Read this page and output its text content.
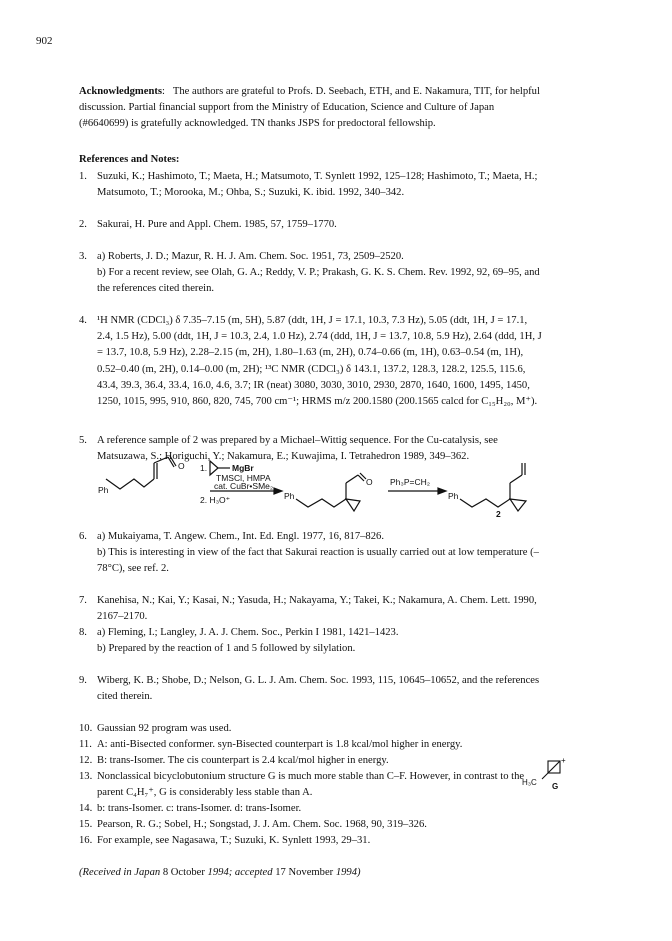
902
Acknowledgments:   The authors are grateful to Profs. D. Seebach, ETH, and E. Nakamura, TIT, for helpful
discussion. Partial financial support from the Ministry of Education, Science and Culture of Japan
(#6640699) is gratefully acknowledged. TN thanks JSPS for predoctoral fellowship.
References and Notes:
1. Suzuki, K.; Hashimoto, T.; Maeta, H.; Matsumoto, T. Synlett 1992, 125–128; Hashimoto, T.; Maeta, H.;
Matsumoto, T.; Morooka, M.; Ohba, S.; Suzuki, K. ibid. 1992, 340–342.
2. Sakurai, H. Pure and Appl. Chem. 1985, 57, 1759–1770.
3. a) Roberts, J. D.; Mazur, R. H. J. Am. Chem. Soc. 1951, 73, 2509–2520.
b) For a recent review, see Olah, G. A.; Reddy, V. P.; Prakash, G. K. S. Chem. Rev. 1992, 92, 69–95, and
the references cited therein.
4. ¹H NMR (CDCl₃) δ 7.35–7.15 (m, 5H), 5.87 (ddt, 1H, J = 17.1, 10.3, 7.3 Hz), 5.05 (ddt, 1H, J = 17.1,
2.4, 1.5 Hz), 5.00 (ddt, 1H, J = 10.3, 2.4, 1.0 Hz), 2.74 (ddd, 1H, J = 13.7, 10.8, 5.9 Hz), 2.64 (ddd, 1H, J
= 13.7, 10.8, 5.9 Hz), 2.28–2.15 (m, 2H), 1.80–1.63 (m, 2H), 0.74–0.66 (m, 1H), 0.63–0.54 (m, 1H),
0.52–0.40 (m, 2H), 0.14–0.00 (m, 2H); ¹³C NMR (CDCl₃) δ 143.1, 137.2, 128.3, 128.2, 125.5, 115.6,
43.4, 39.3, 36.4, 33.4, 16.0, 4.6, 3.7; IR (neat) 3080, 3030, 3010, 2930, 2870, 1640, 1600, 1495, 1450,
1250, 1015, 995, 910, 860, 820, 745, 700 cm⁻¹; HRMS m/z 200.1580 (200.1565 calcd for C₁₅H₂₀, M⁺).
5. A reference sample of 2 was prepared by a Michael–Wittig sequence. For the Cu-catalysis, see
Matsuzawa, S.; Horiguchi, Y.; Nakamura, E.; Kuwajima, I. Tetrahedron 1989, 349–362.
6. a) Mukaiyama, T. Angew. Chem., Int. Ed. Engl. 1977, 16, 817–826.
b) This is interesting in view of the fact that Sakurai reaction is usually carried out at low temperature (–
78°C), see ref. 2.
7. Kanehisa, N.; Kai, Y.; Kasai, N.; Yasuda, H.; Nakayama, Y.; Takei, K.; Nakamura, A. Chem. Lett. 1990,
2167–2170.
8. a) Fleming, I.; Langley, J. A. J. Chem. Soc., Perkin I 1981, 1421–1423.
b) Prepared by the reaction of 1 and 5 followed by silylation.
9. Wiberg, K. B.; Shobe, D.; Nelson, G. L. J. Am. Chem. Soc. 1993, 115, 10645–10652, and the references
cited therein.
10. Gaussian 92 program was used.
11. A: anti-Bisected conformer. syn-Bisected counterpart is 1.8 kcal/mol higher in energy.
12. B: trans-Isomer. The cis counterpart is 2.4 kcal/mol higher in energy.
13. Nonclassical bicyclobutonium structure G is much more stable than C–F. However, in contrast to the
parent C₄H₇⁺, G is considerably less stable than A.
14. b: trans-Isomer. c: trans-Isomer. d: trans-Isomer.
15. Pearson, R. G.; Sobel, H.; Songstad, J. J. Am. Chem. Soc. 1968, 90, 319–326.
16. For example, see Nagasawa, T.; Suzuki, K. Synlett 1993, 29–31.
Ph
O 1.	MgBr
TMSCl, HMPA
cat. CuBr•SMe₂
2. H₃O⁺	Ph
O Ph₃P=CH₂
Ph
2
+
H₃C G
(Received in Japan 8 October 1994; accepted 17 November 1994)
